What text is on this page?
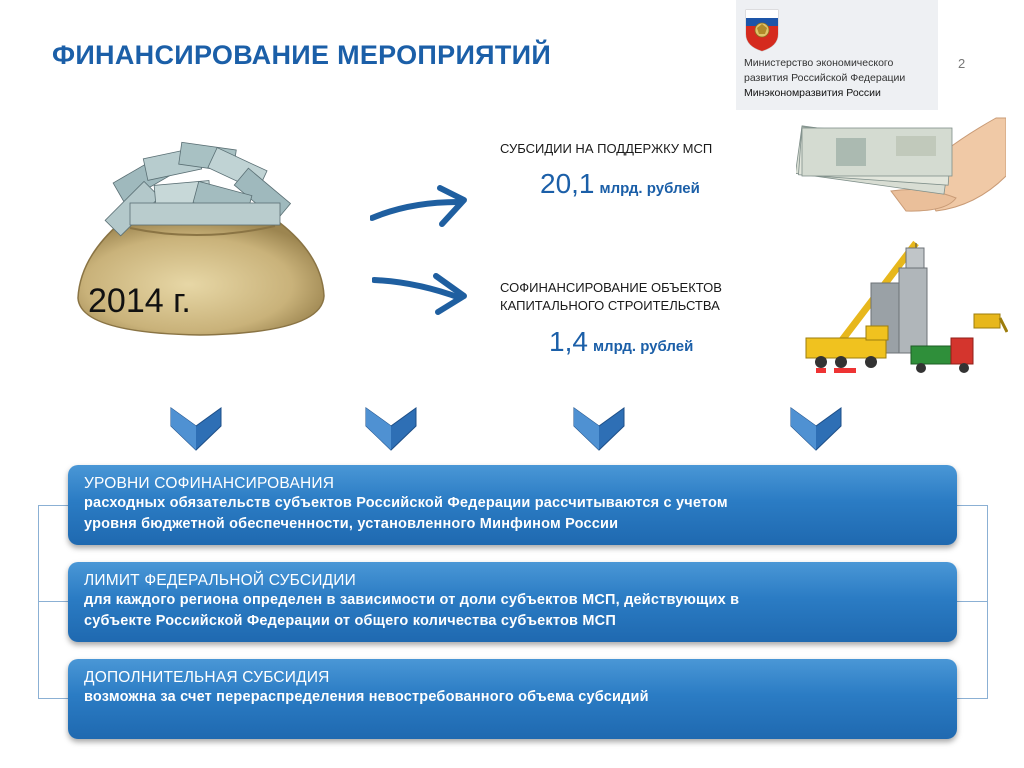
ФИНАНСИРОВАНИЕ МЕРОПРИЯТИЙ	Министерство экономического
развития Российской Федерации
Минэкономразвития России
2
2014 г.
СУБСИДИИ НА ПОДДЕРЖКУ МСП
20,1 млрд. рублей
СОФИНАНСИРОВАНИЕ ОБЪЕКТОВ
КАПИТАЛЬНОГО СТРОИТЕЛЬСТВА
1,4 млрд. рублей
УРОВНИ СОФИНАНСИРОВАНИЯ
расходных обязательств субъектов Российской Федерации рассчитываются с учетом
уровня бюджетной обеспеченности, установленного Минфином России
ЛИМИТ ФЕДЕРАЛЬНОЙ СУБСИДИИ
для каждого региона определен в зависимости от доли субъектов МСП, действующих в
субъекте Российской Федерации от общего количества субъектов МСП
ДОПОЛНИТЕЛЬНАЯ СУБСИДИЯ
возможна за счет перераспределения невостребованного объема субсидий
